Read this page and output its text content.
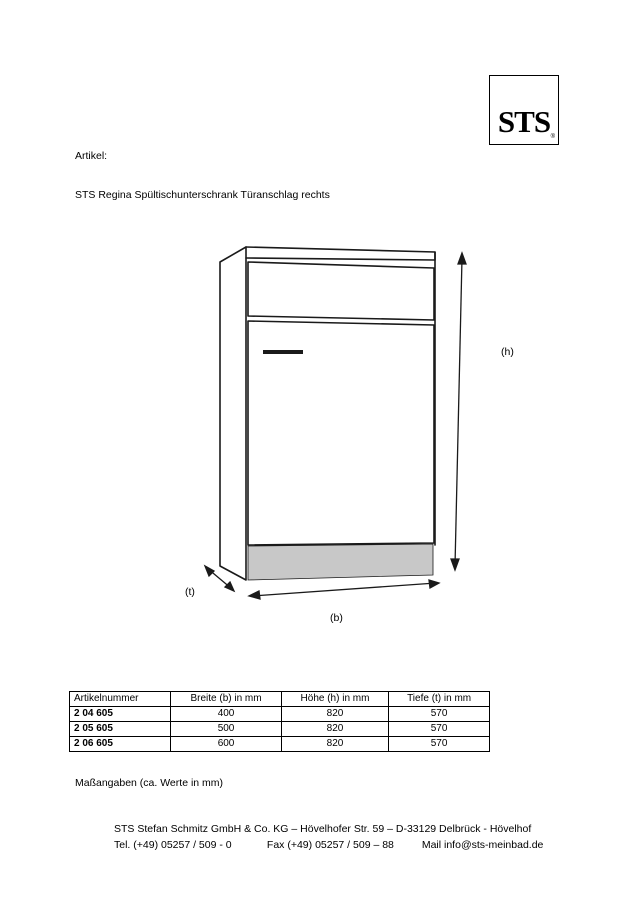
STS ®
Artikel:
STS Regina Spültischunterschrank Türanschlag rechts
(h)
(t)
(b)
Artikelnummer	Breite (b) in mm	Höhe (h) in mm	Tiefe (t) in mm
2 04 605	400	820	570
2 05 605	500	820	570
2 06 605	600	820	570
Maßangaben (ca. Werte in mm)
STS Stefan Schmitz GmbH & Co. KG – Hövelhofer Str. 59 – D-33129 Delbrück - Hövelhof
Tel. (+49) 05257 / 509 - 0	Fax (+49) 05257 / 509 – 88	Mail info@sts-meinbad.de
